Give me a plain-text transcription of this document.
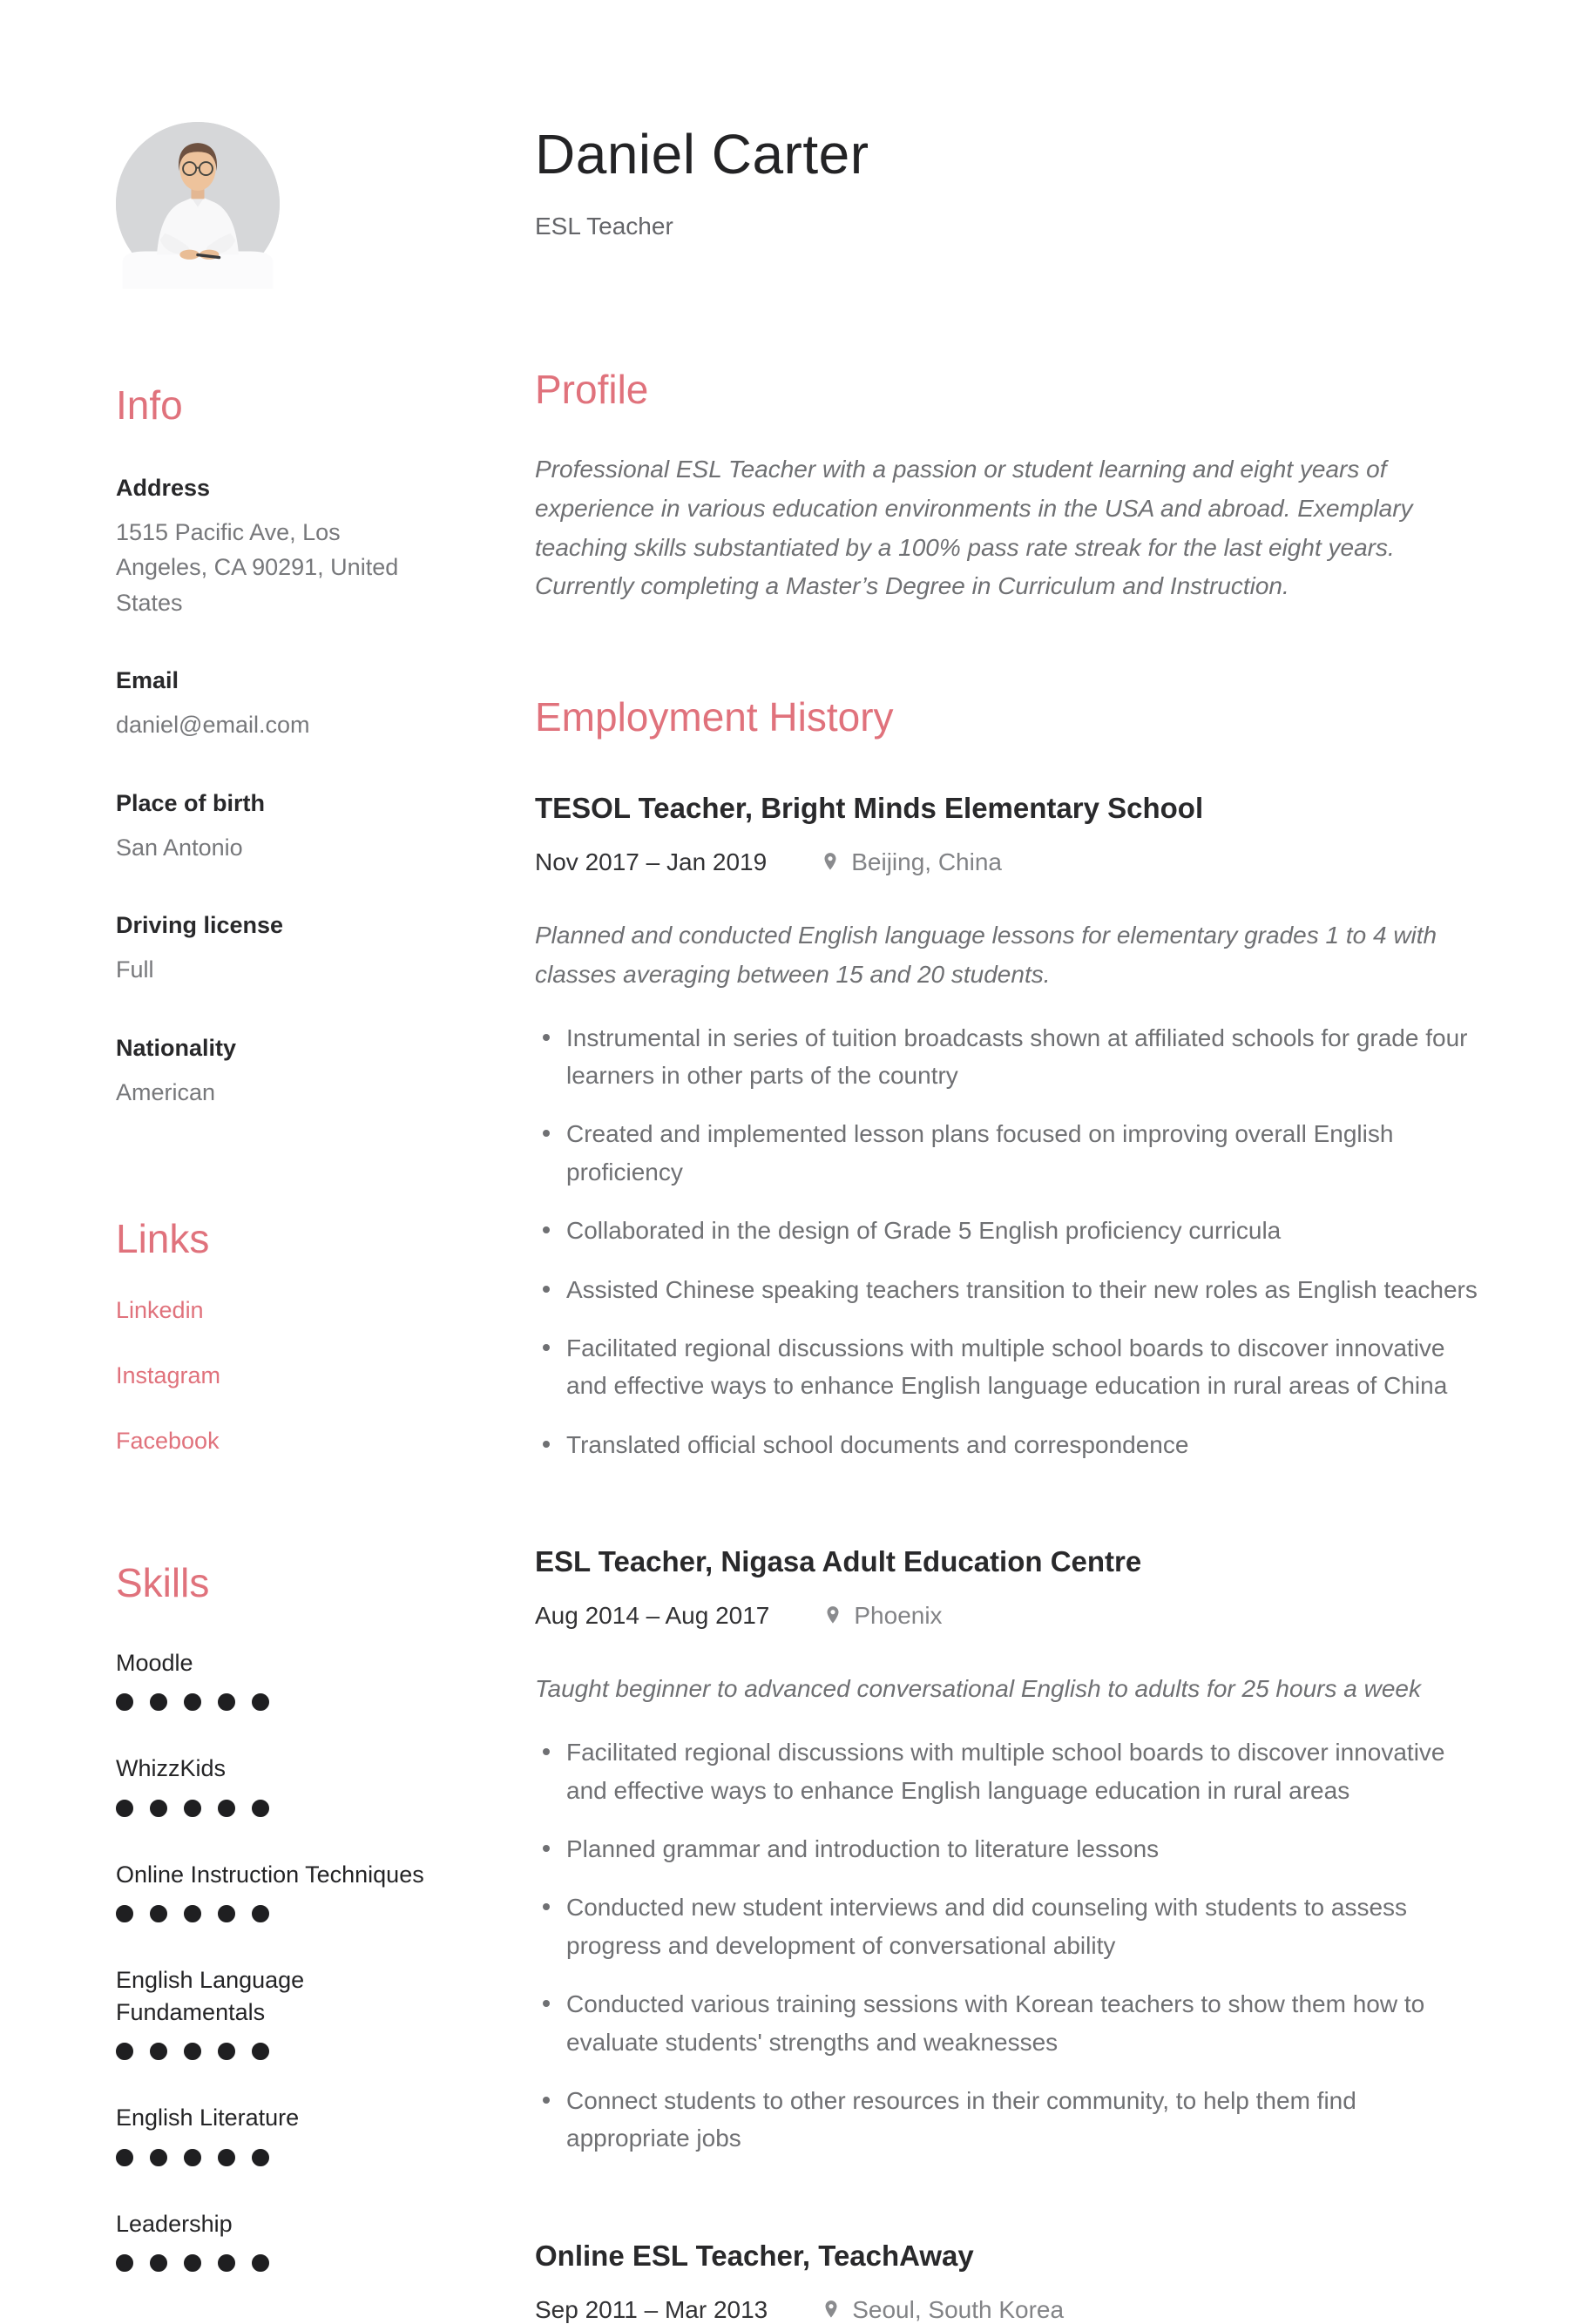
Info
Address
1515 Pacific Ave, Los Angeles, CA 90291, United States
Email
daniel@email.com
Place of birth
San Antonio
Driving license
Full
Nationality
American
Links
Linkedin
Instagram
Facebook
Skills
Moodle
WhizzKids
Online Instruction Techniques
English Language Fundamentals
English Literature
Leadership
Daniel Carter
ESL Teacher
Profile

Professional ESL Teacher with a passion or student learning and eight years of experience in various education environments in the USA and abroad. Exemplary teaching skills substantiated by a 100% pass rate streak for the last eight years. Currently completing a Master’s Degree in Curriculum and Instruction.

Employment History
TESOL Teacher, Bright Minds Elementary School
Nov 2017 – Jan 2019	Beijing, China

Planned and conducted English language lessons for elementary grades 1 to 4 with classes averaging between 15 and 20 students.

Instrumental in series of tuition broadcasts shown at affiliated schools for grade four learners in other parts of the country
Created and implemented lesson plans focused on improving overall English proficiency
Collaborated in the design of Grade 5 English proficiency curricula
Assisted Chinese speaking teachers transition to their new roles as English teachers
Facilitated regional discussions with multiple school boards to discover innovative and effective ways to enhance English language education in rural areas of China
Translated official school documents and correspondence
ESL Teacher, Nigasa Adult Education Centre
Aug 2014 – Aug 2017	Phoenix

Taught beginner to advanced conversational English to adults for 25 hours a week

Facilitated regional discussions with multiple school boards to discover innovative and effective ways to enhance English language education in rural areas
Planned grammar and introduction to literature lessons
Conducted new student interviews and did counseling with students to assess progress and development of conversational ability
Conducted various training sessions with Korean teachers to show them how to evaluate students' strengths and weaknesses
Connect students to other resources in their community, to help them find appropriate jobs
Online ESL Teacher, TeachAway
Sep 2011 – Mar 2013	Seoul, South Korea
